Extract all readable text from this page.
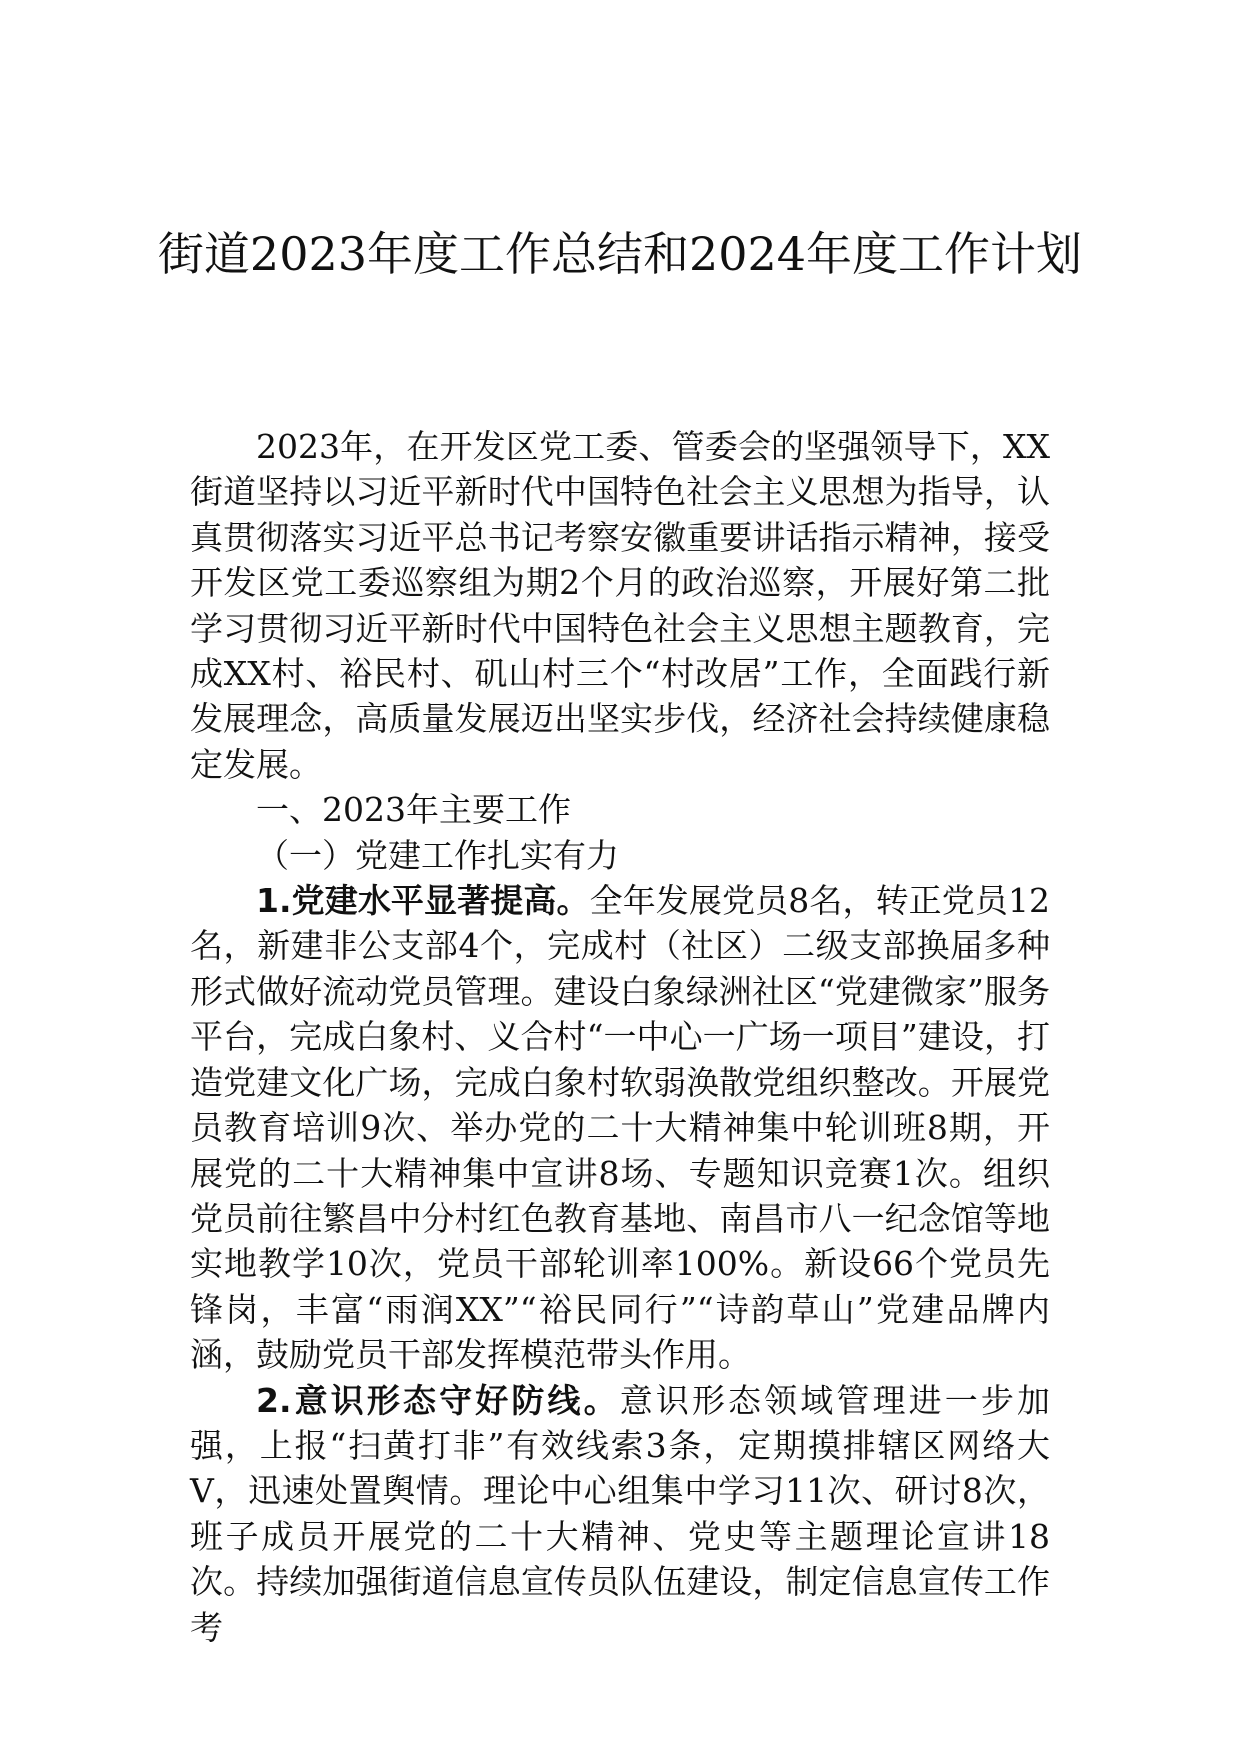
街道2023年度工作总结和2024年度工作计划

2023年，在开发区党工委、管委会的坚强领导下，XX街道坚持以习近平新时代中国特色社会主义思想为指导，认真贯彻落实习近平总书记考察安徽重要讲话指示精神，接受开发区党工委巡察组为期2个月的政治巡察，开展好第二批学习贯彻习近平新时代中国特色社会主义思想主题教育，完成XX村、裕民村、矶山村三个“村改居”工作，全面践行新发展理念，高质量发展迈出坚实步伐，经济社会持续健康稳定发展。

一、2023年主要工作

（一）党建工作扎实有力

1.党建水平显著提高。全年发展党员8名，转正党员12名，新建非公支部4个，完成村（社区）二级支部换届多种形式做好流动党员管理。建设白象绿洲社区“党建微家”服务平台，完成白象村、义合村“一中心一广场一项目”建设，打造党建文化广场，完成白象村软弱涣散党组织整改。开展党员教育培训9次、举办党的二十大精神集中轮训班8期，开展党的二十大精神集中宣讲8场、专题知识竞赛1次。组织党员前往繁昌中分村红色教育基地、南昌市八一纪念馆等地实地教学10次，党员干部轮训率100%。新设66个党员先锋岗，丰富“雨润XX”“裕民同行”“诗韵草山”党建品牌内涵，鼓励党员干部发挥模范带头作用。

2.意识形态守好防线。意识形态领域管理进一步加强，上报“扫黄打非”有效线索3条，定期摸排辖区网络大V，迅速处置舆情。理论中心组集中学习11次、研讨8次，班子成员开展党的二十大精神、党史等主题理论宣讲18次。持续加强街道信息宣传员队伍建设，制定信息宣传工作考
